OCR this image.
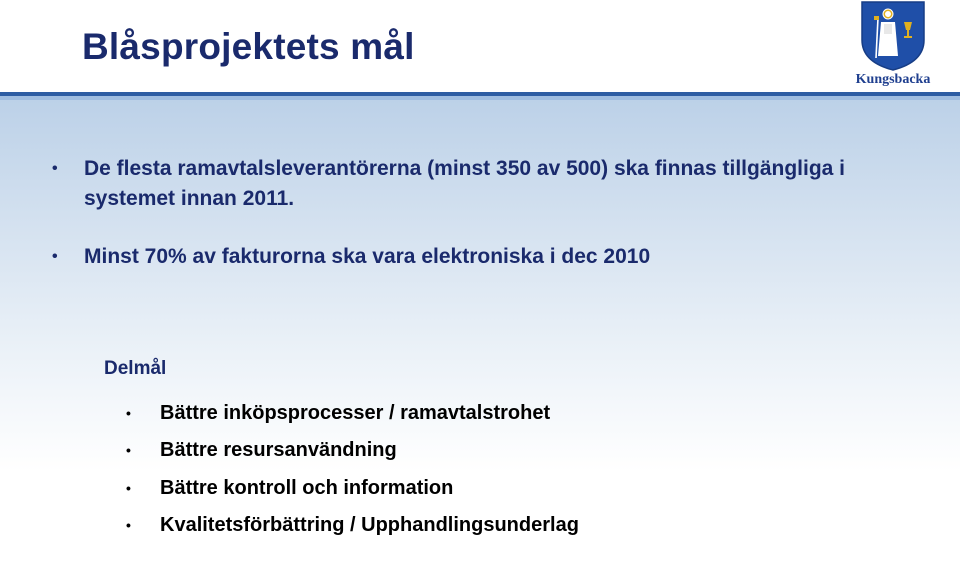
Blåsprojektets mål
Kungsbacka
• De flesta ramavtalsleverantörerna (minst 350 av 500) ska finnas tillgängliga i systemet innan 2011.
• Minst 70% av fakturorna ska vara elektroniska i dec 2010
Delmål
• Bättre inköpsprocesser / ramavtalstrohet
• Bättre resursanvändning
• Bättre kontroll och information
• Kvalitetsförbättring / Upphandlingsunderlag
